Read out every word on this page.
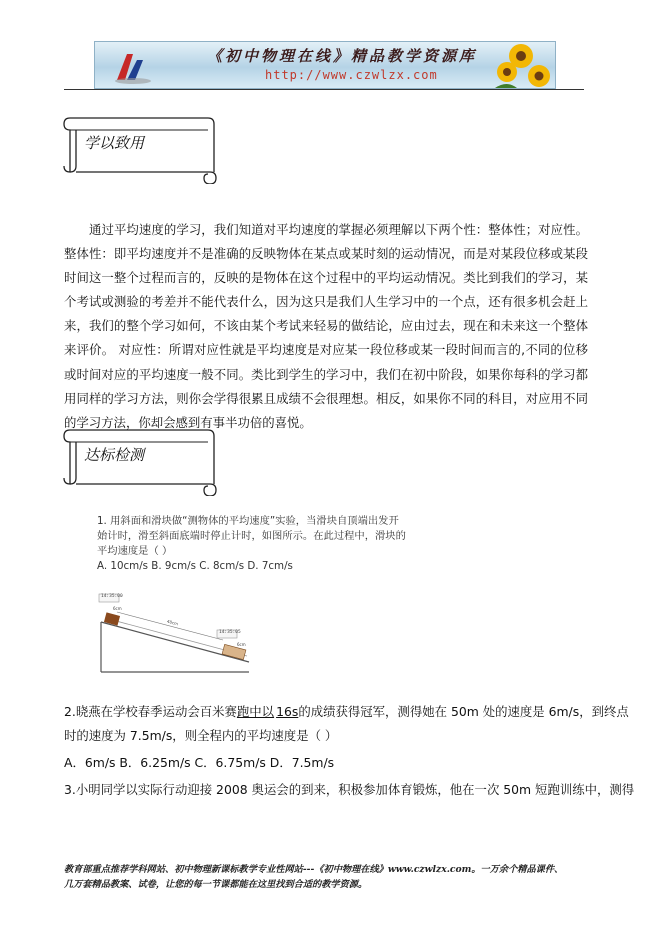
《初中物理在线》精品教学资源库
http://www.czwlzx.com
学以致用
通过平均速度的学习，我们知道对平均速度的掌握必须理解以下两个性：整体性；对应性。 整体性：即平均速度并不是准确的反映物体在某点或某时刻的运动情况，而是对某段位移或某段时间这一整个过程而言的，反映的是物体在这个过程中的平均运动情况。类比到我们的学习，某个考试或测验的考差并不能代表什么，因为这只是我们人生学习中的一个点，还有很多机会赶上来，我们的整个学习如何，不该由某个考试来轻易的做结论，应由过去，现在和未来这一个整体来评价。 对应性：所谓对应性就是平均速度是对应某一段位移或某一段时间而言的,不同的位移或时间对应的平均速度一般不同。类比到学生的学习中，我们在初中阶段，如果你每科的学习都用同样的学习方法，则你会学得很累且成绩不会很理想。相反，如果你不同的科目，对应用不同的学习方法，你却会感到有事半功倍的喜悦。
达标检测
1. 用斜面和滑块做“测物体的平均速度”实验，当滑块自顶端出发开
始计时，滑至斜面底端时停止计时，如图所示。在此过程中，滑块的
平均速度是（ ）
A. 10cm/s B. 9cm/s C. 8cm/s D. 7cm/s
14:35:00
14:35:05
6cm
40cm
6cm
2.晓燕在学校春季运动会百米赛跑中以 16s的成绩获得冠军，测得她在 50m 处的速度是 6m/s，到终点
时的速度为 7.5m/s，则全程内的平均速度是（ ）
A．6m/s B．6.25m/s C．6.75m/s D．7.5m/s
3.小明同学以实际行动迎接 2008 奥运会的到来，积极参加体育锻炼，他在一次 50m 短跑训练中，测得
教育部重点推荐学科网站、初中物理新课标教学专业性网站---《初中物理在线》www.czwlzx.com。一万余个精品课件、
几万套精品教案、试卷，让您的每一节课都能在这里找到合适的教学资源。
